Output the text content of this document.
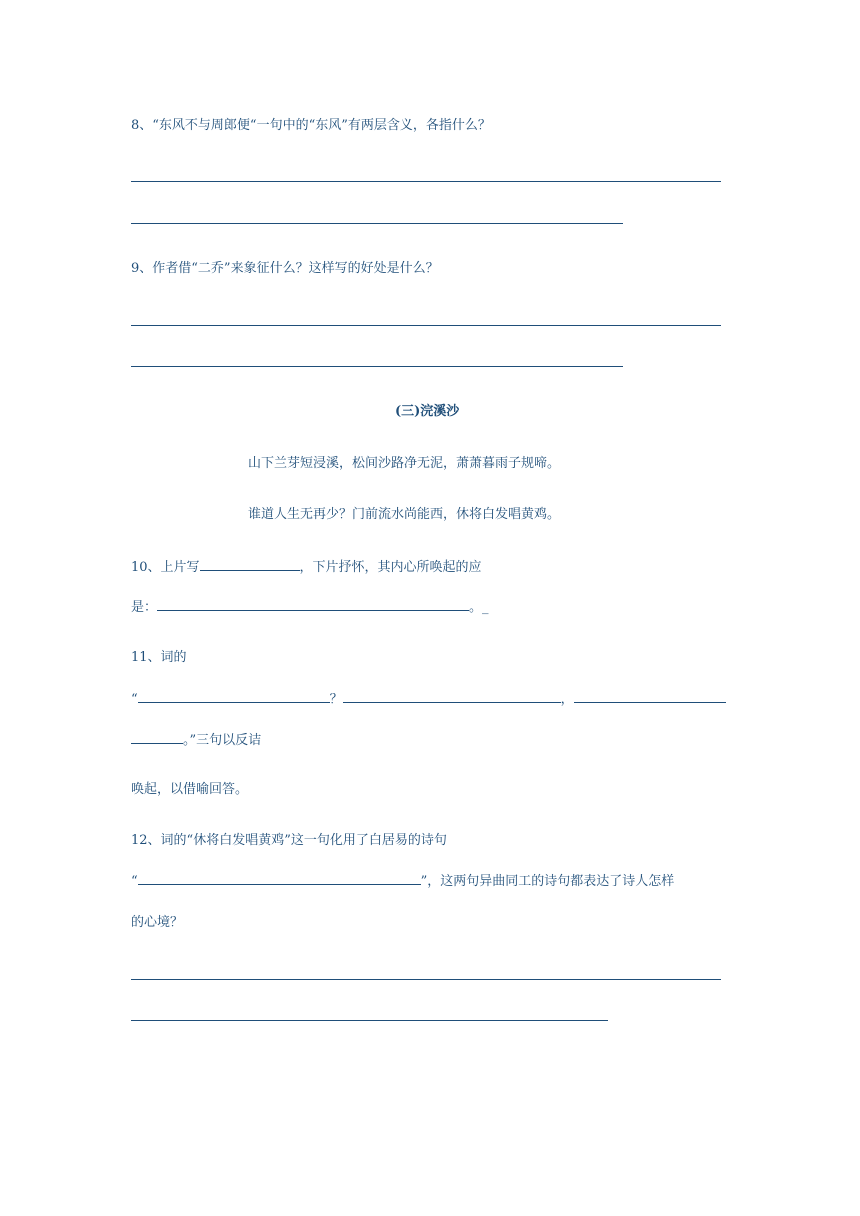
8、“东风不与周郎便“一句中的“东风”有两层含义，各指什么？
9、作者借“二乔”来象征什么？这样写的好处是什么？
(三)浣溪沙
山下兰芽短浸溪，松间沙路净无泥，萧萧暮雨子规啼。
谁道人生无再少？门前流水尚能西，休将白发唱黄鸡。
10、上片写	，下片抒怀，其内心所唤起的应
是：	。_
11、词的
“	？	，
。”三句以反诘
唤起，以借喻回答。
12、词的“休将白发唱黄鸡”这一句化用了白居易的诗句
“	”，这两句异曲同工的诗句都表达了诗人怎样
的心境？
